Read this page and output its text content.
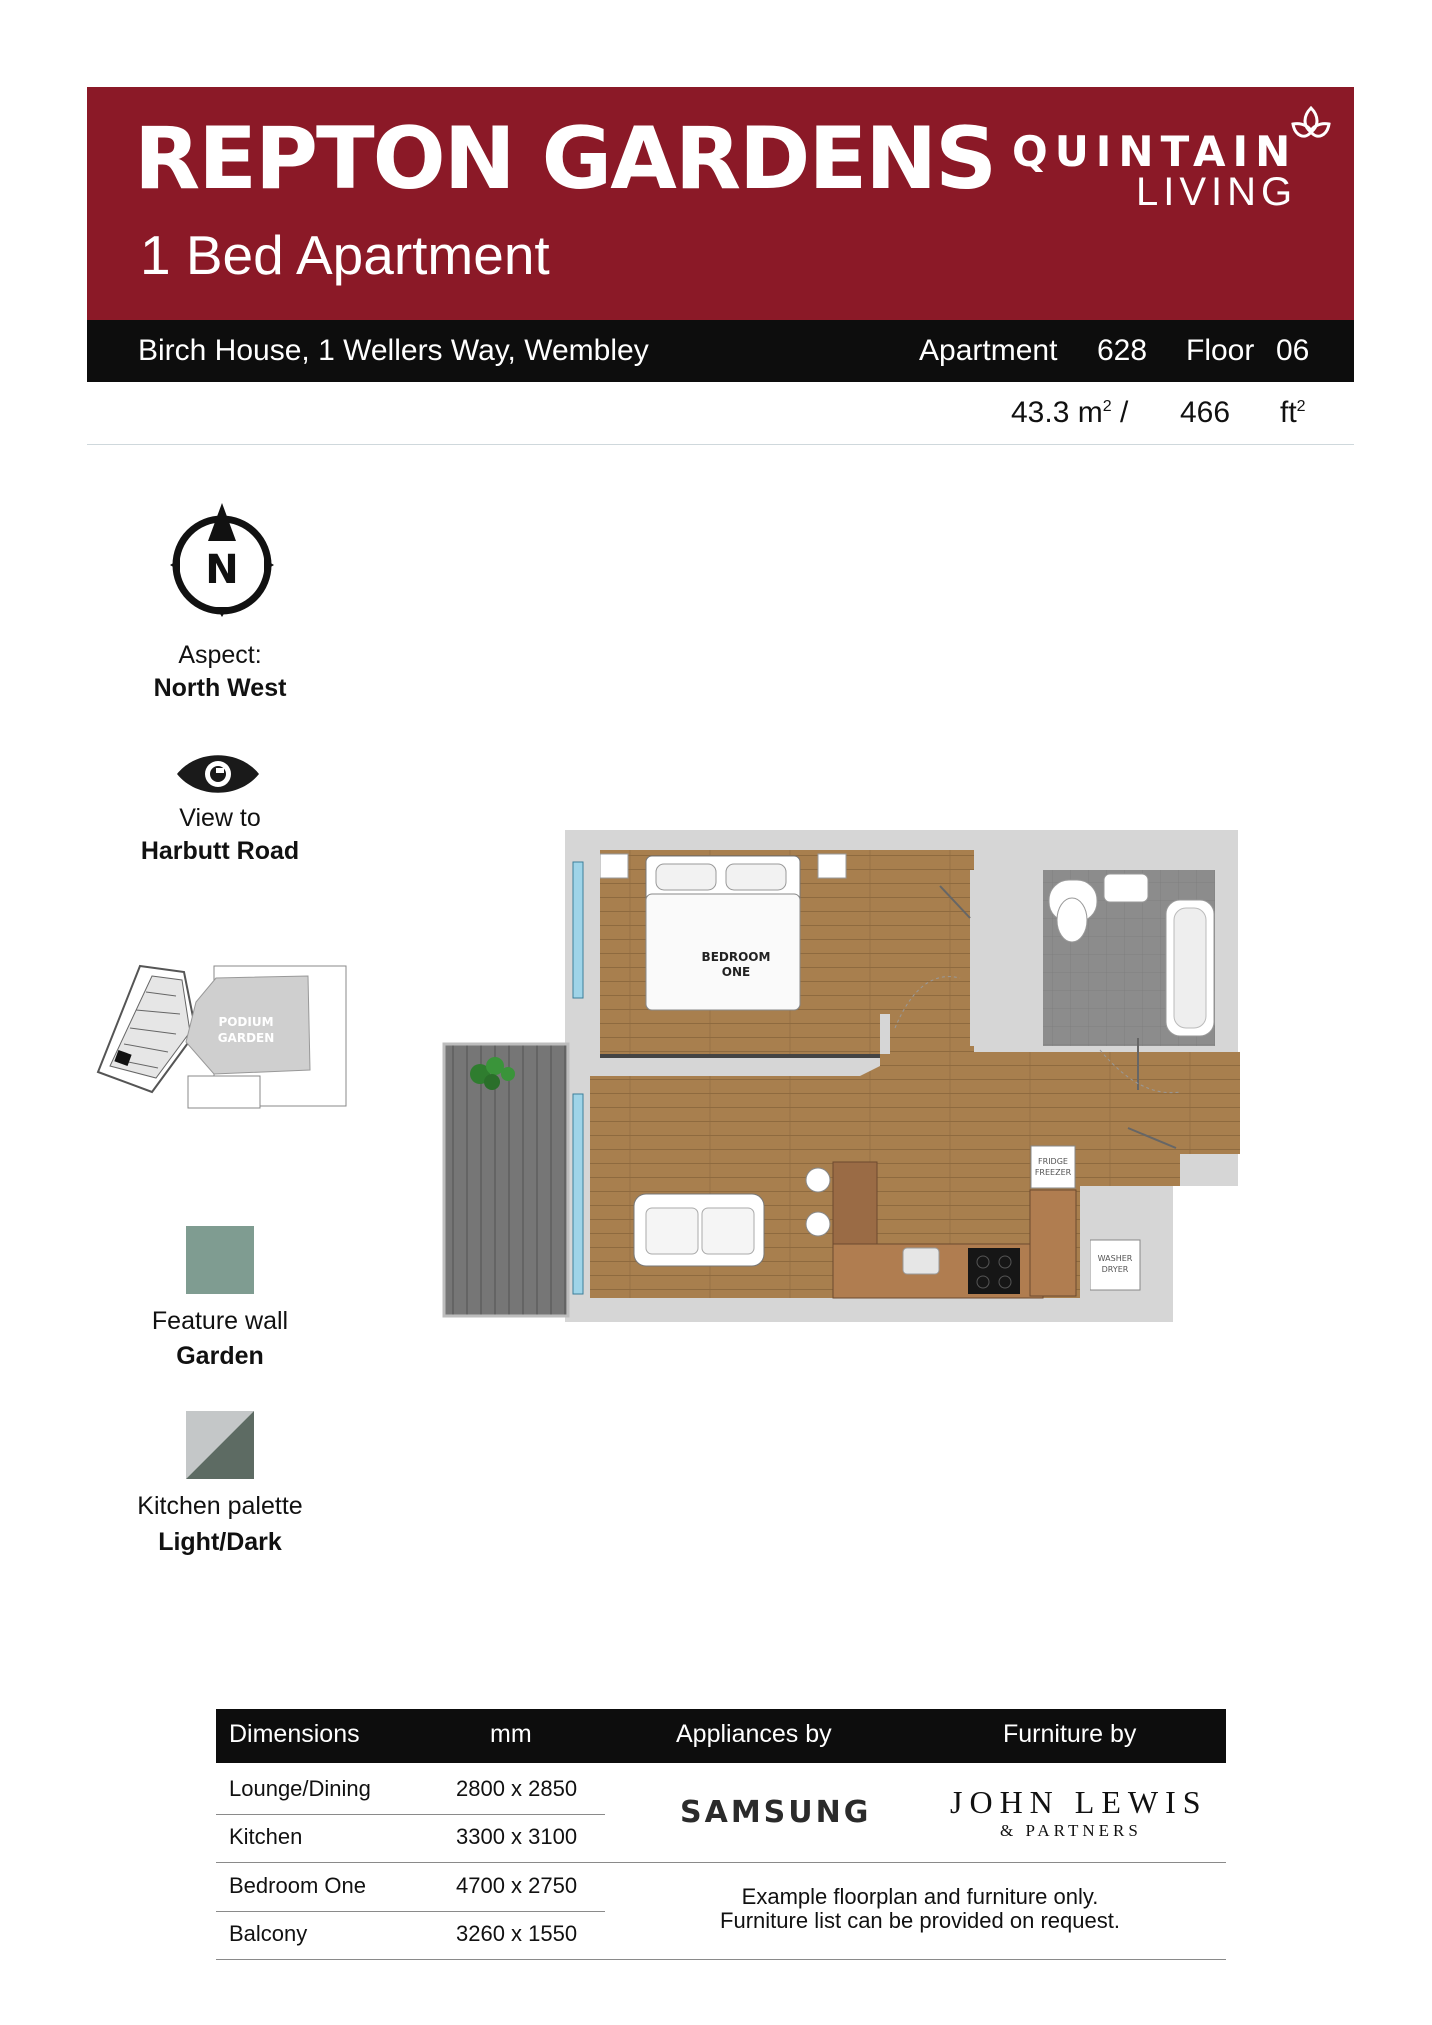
REPTON GARDENS
1 Bed Apartment
QUINTAIN
LIVING
Birch House, 1 Wellers Way, Wembley	Apartment 628 Floor 06
43.3 $m^2 / 466$ $ft^2$
N
Aspect:
North West
View to
Harbutt Road
PODIUM
GARDEN
Feature wall
Garden
Kitchen palette
Light/Dark
BEDROOM
ONE
FRIDGE
FREEZER
WASHER
DRYER
Dimensions	mm	Appliances by	Furniture by
Lounge/Dining	2800 x 2850
Kitchen	3300 x 3100
Bedroom One	4700 x 2750
Balcony	3260 x 1550
SAMSUNG JOHN LEWIS
& PARTNERS
Example floorplan and furniture only.
Furniture list can be provided on request.
